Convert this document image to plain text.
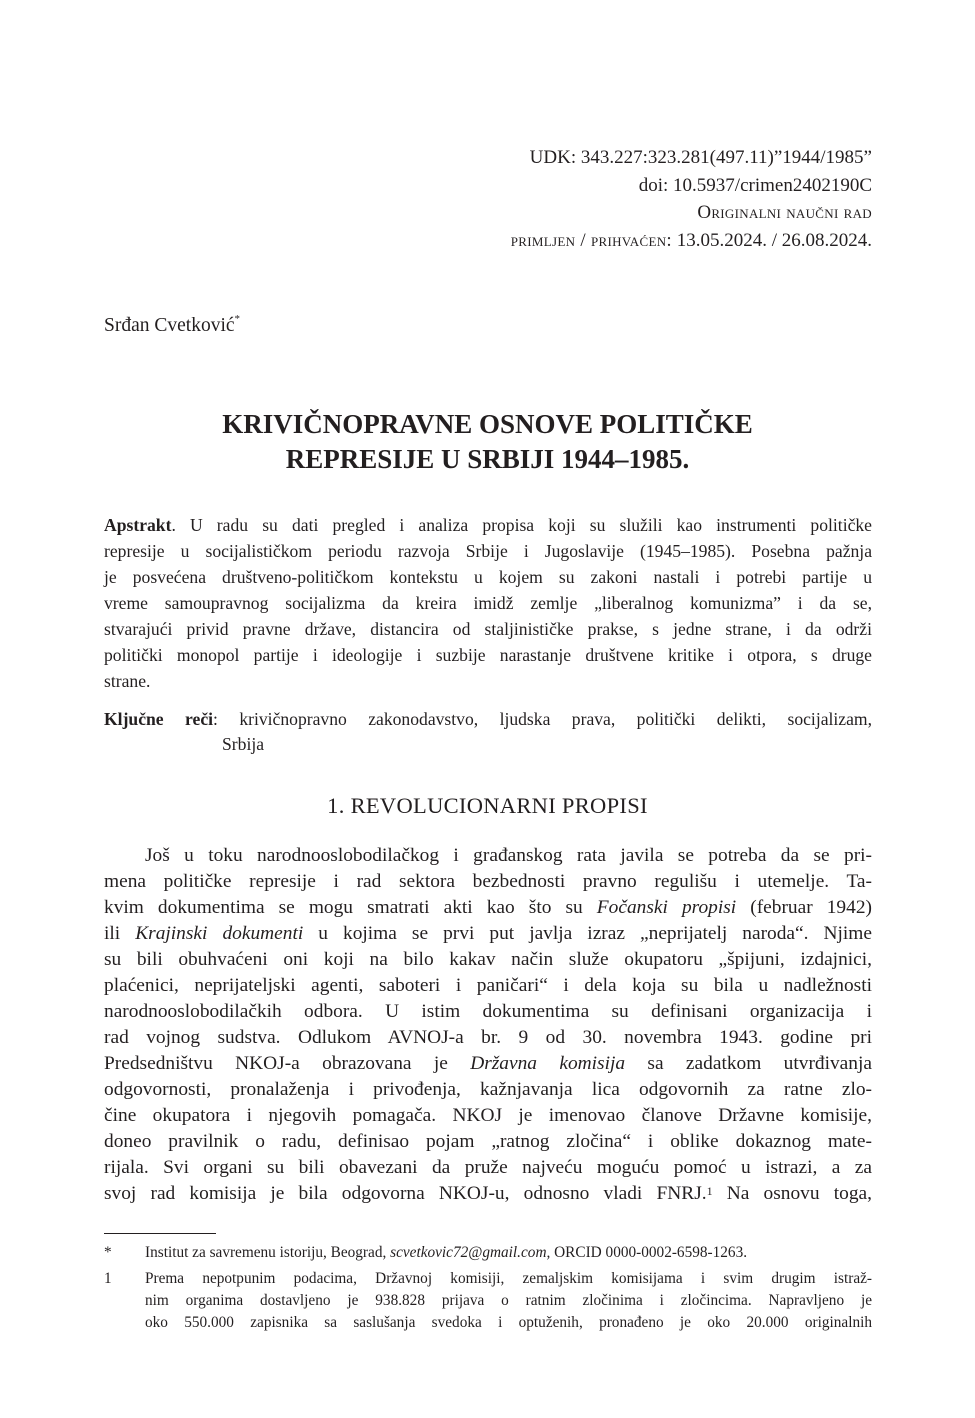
UDK: 343.227:323.281(497.11)”1944/1985”
doi: 10.5937/crimen2402190C
Originalni naučni rad
primljen / prihvaćen: 13.05.2024. / 26.08.2024.
Srđan Cvetković*
KRIVIČNOPRAVNE OSNOVE POLITIČKE
REPRESIJE U SRBIJI 1944–1985.
Apstrakt. U radu su dati pregled i analiza propisa koji su služili kao instrumenti političke
represije u socijalističkom periodu razvoja Srbije i Jugoslavije (1945–1985). Posebna pažnja
je posvećena društveno-političkom kontekstu u kojem su zakoni nastali i potrebi partije u
vreme samoupravnog socijalizma da kreira imidž zemlje „liberalnog komunizma” i da se,
stvarajući privid pravne države, distancira od staljinističke prakse, s jedne strane, i da održi
politički monopol partije i ideologije i suzbije narastanje društvene kritike i otpora, s druge
strane.
Ključne reči: krivičnopravno zakonodavstvo, ljudska prava, politički delikti, socijalizam,
Srbija
1. REVOLUCIONARNI PROPISI
Još u toku narodnooslobodilačkog i građanskog rata javila se potreba da se pri-
mena političke represije i rad sektora bezbednosti pravno regulišu i utemelje. Ta-
kvim dokumentima se mogu smatrati akti kao što su Fočanski propisi (februar 1942)
ili Krajinski dokumenti u kojima se prvi put javlja izraz „neprijatelj naroda“. Njime
su bili obuhvaćeni oni koji na bilo kakav način služe okupatoru „špijuni, izdajnici,
plaćenici, neprijateljski agenti, saboteri i paničari“ i dela koja su bila u nadležnosti
narodnooslobodilačkih odbora. U istim dokumentima su definisani organizacija i
rad vojnog sudstva. Odlukom AVNOJ-a br. 9 od 30. novembra 1943. godine pri
Predsedništvu NKOJ-a obrazovana je Državna komisija sa zadatkom utvrđivanja
odgovornosti, pronalaženja i privođenja, kažnjavanja lica odgovornih za ratne zlo-
čine okupatora i njegovih pomagača. NKOJ je imenovao članove Državne komisije,
doneo pravilnik o radu, definisao pojam „ratnog zločina“ i oblike dokaznog mate-
rijala. Svi organi su bili obavezani da pruže najveću moguću pomoć u istrazi, a za
svoj rad komisija je bila odgovorna NKOJ-u, odnosno vladi FNRJ.$^1$ Na osnovu toga,
* Institut za savremenu istoriju, Beograd, scvetkovic72@gmail.com, ORCID 0000-0002-6598-1263.
1 Prema nepotpunim podacima, Državnoj komisiji, zemaljskim komisijama i svim drugim istraž-
nim organima dostavljeno je 938.828 prijava o ratnim zločinima i zločincima. Napravljeno je
oko 550.000 zapisnika sa saslušanja svedoka i optuženih, pronađeno je oko 20.000 originalnih
